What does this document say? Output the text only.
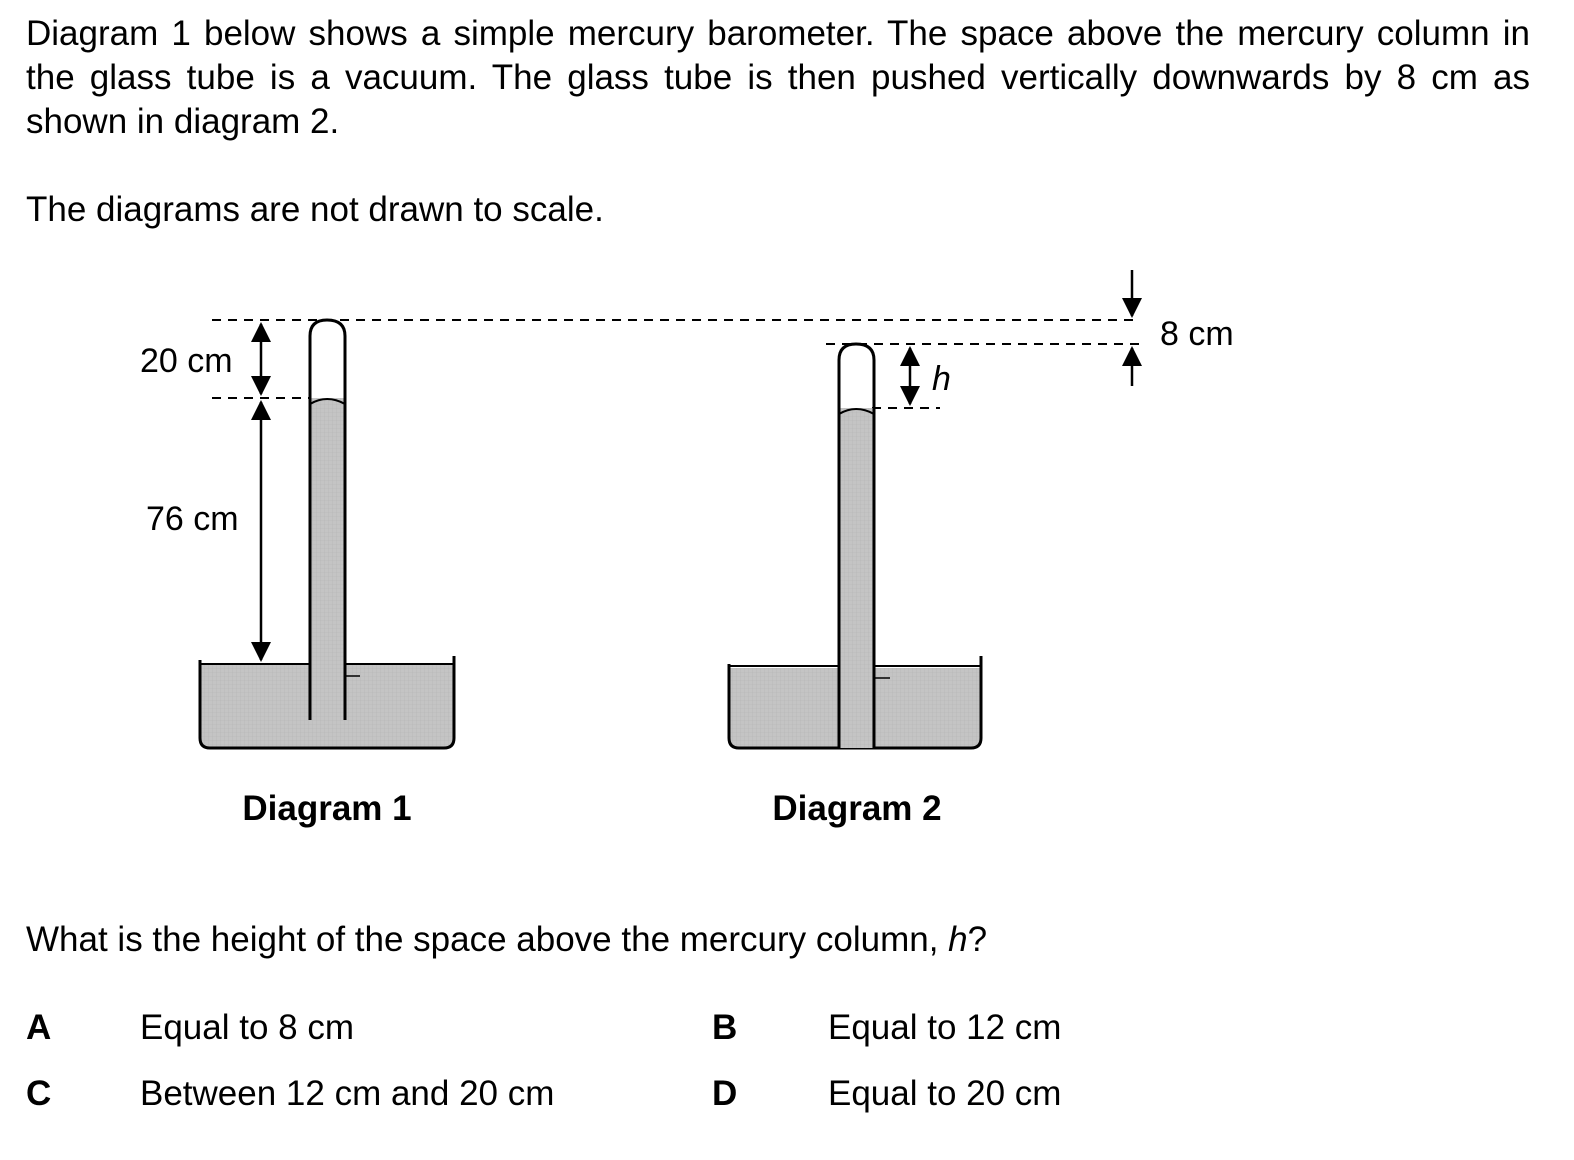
Diagram 1 below shows a simple mercury barometer. The space above the mercury column in the glass tube is a vacuum. The glass tube is then pushed vertically downwards by 8 cm as shown in diagram 2.

The diagrams are not drawn to scale.

20 cm
76 cm
Diagram 1
h
Diagram 2
8 cm

What is the height of the space above the mercury column, h?

A	Equal to 8 cm	B	Equal to 12 cm
C	Between 12 cm and 20 cm	D	Equal to 20 cm
